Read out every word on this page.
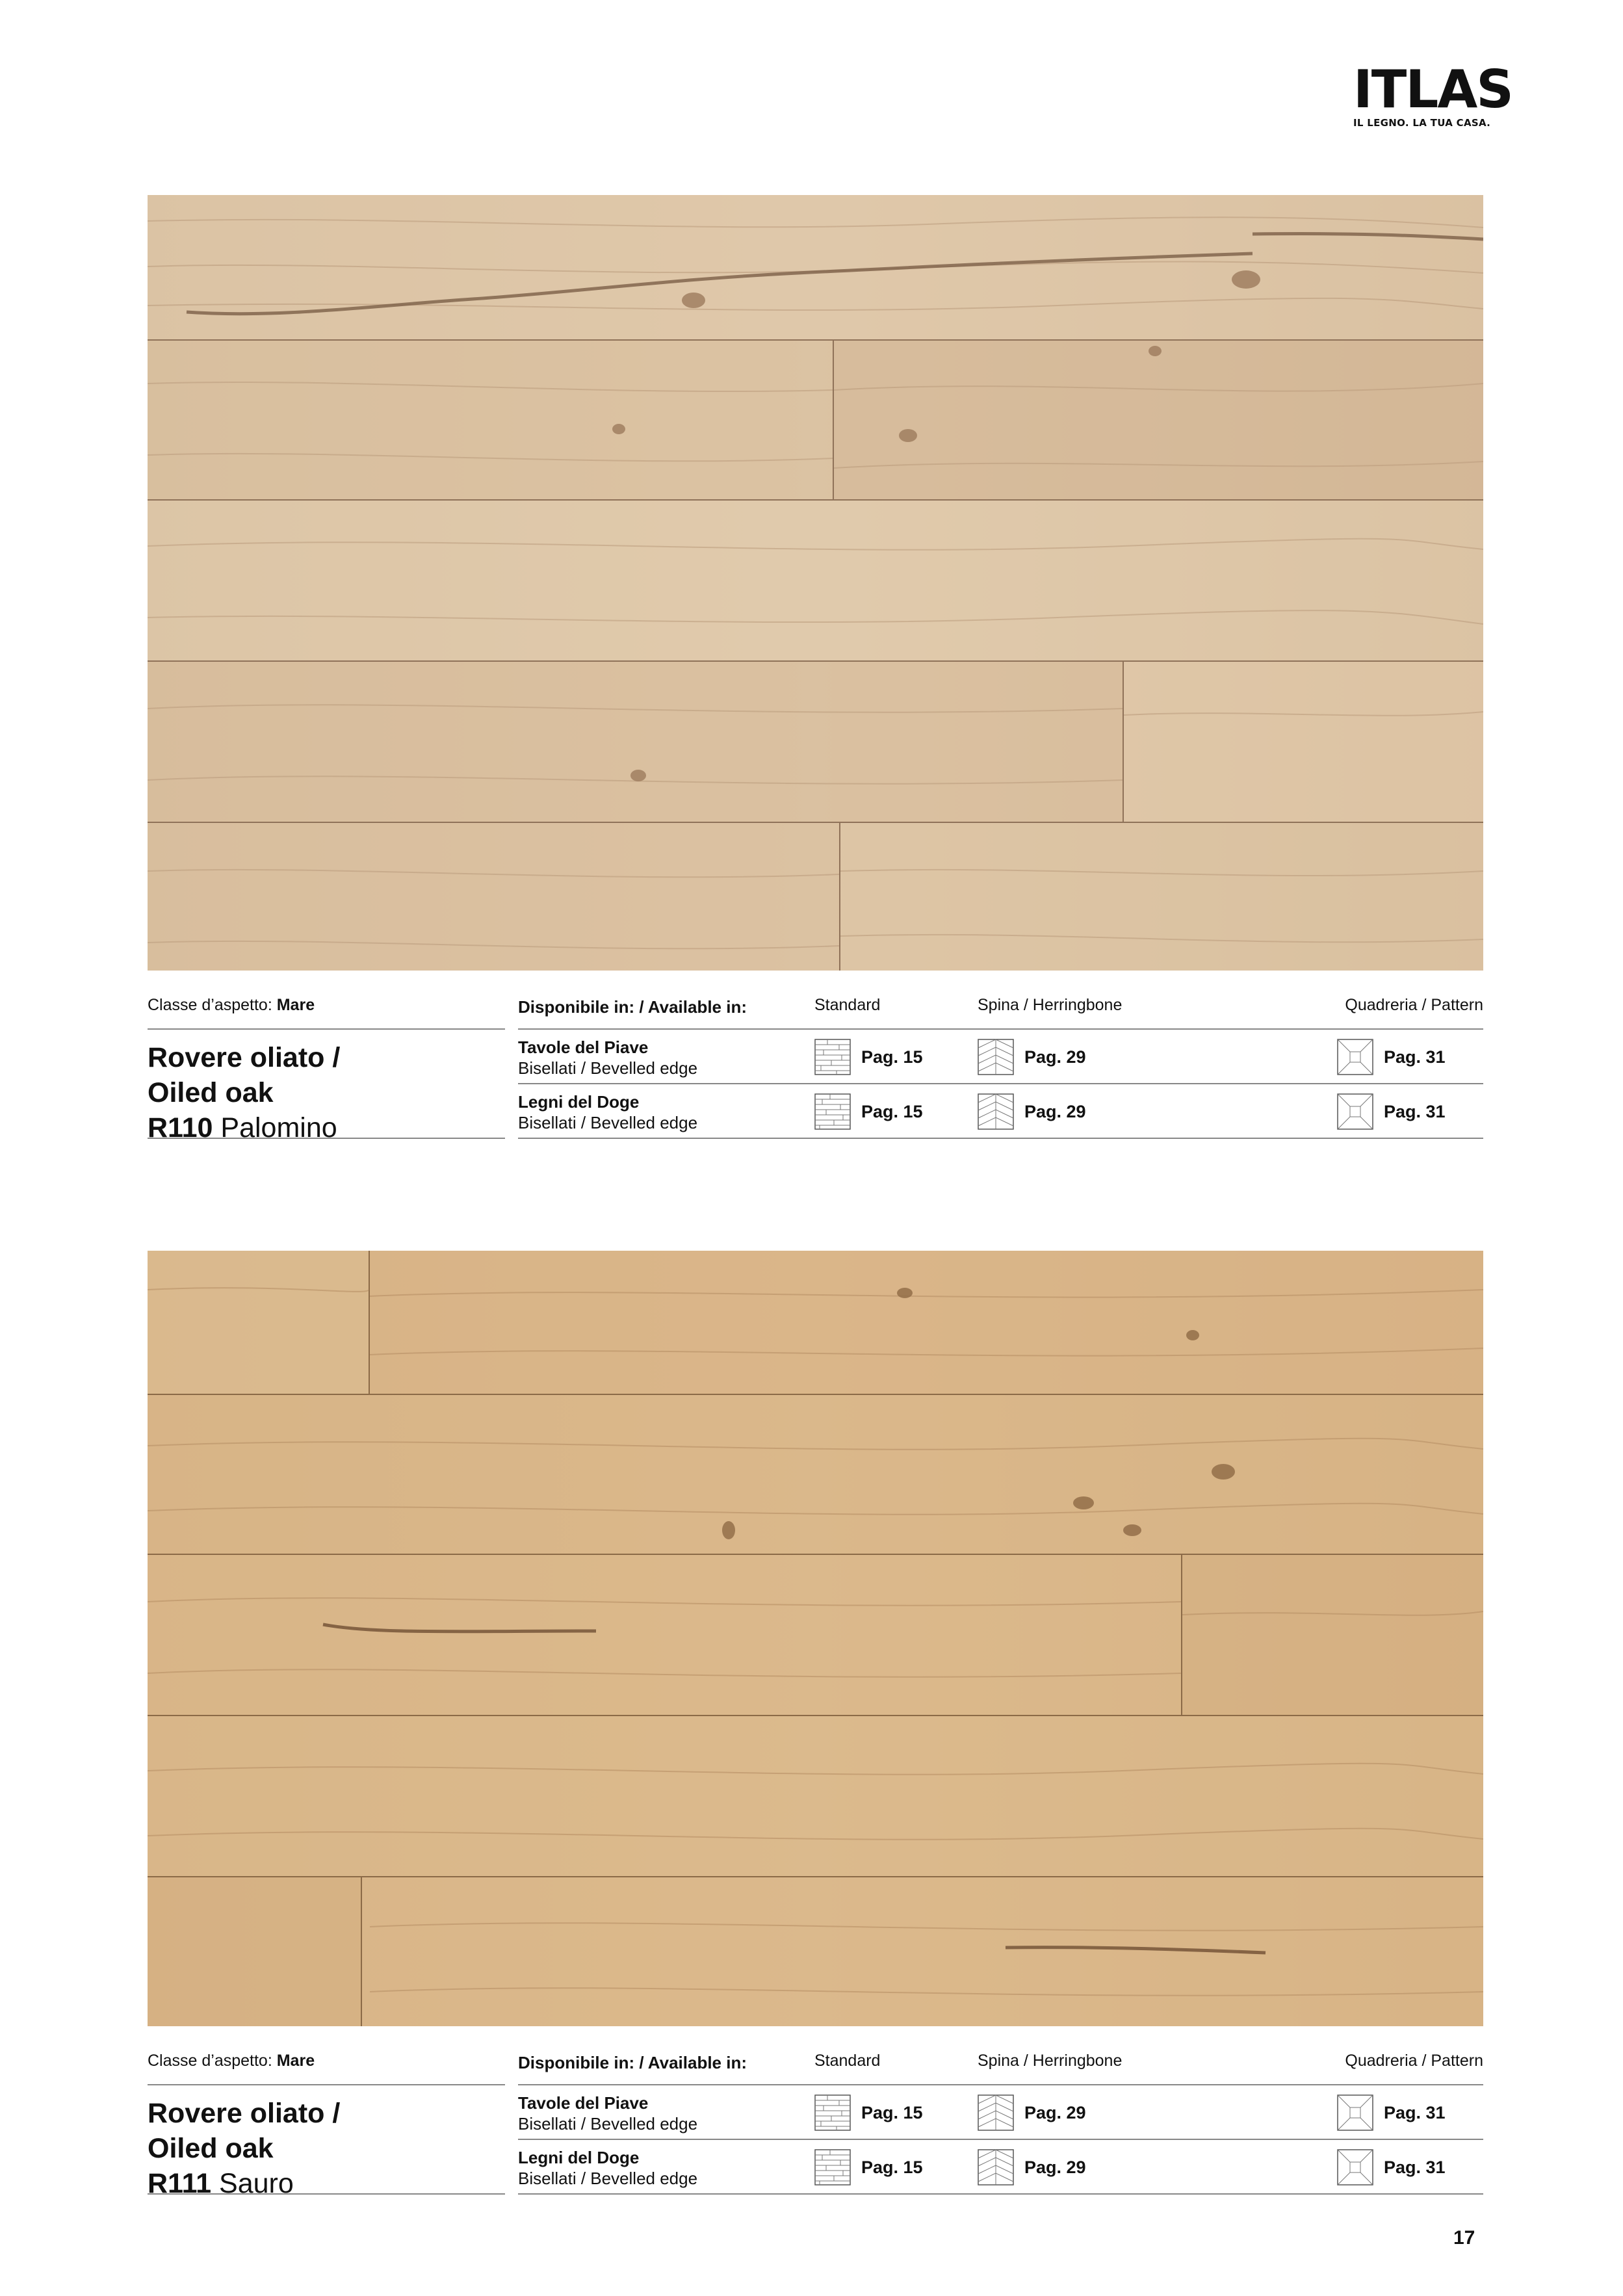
ITLAS
IL LEGNO. LA TUA CASA.
Classe d’aspetto: Mare
Rovere oliato /
Oiled oak
R110 Palomino
Disponibile in: / Available in:	Standard	Spina / Herringbone	Quadreria / Pattern
Tavole del Piave
Bisellati / Bevelled edge
Pag. 15	Pag. 29	Pag. 31
Legni del Doge
Bisellati / Bevelled edge
Pag. 15	Pag. 29	Pag. 31
Classe d’aspetto: Mare
Rovere oliato /
Oiled oak
R111 Sauro
Disponibile in: / Available in:	Standard	Spina / Herringbone	Quadreria / Pattern
Tavole del Piave
Bisellati / Bevelled edge
Pag. 15	Pag. 29	Pag. 31
Legni del Doge
Bisellati / Bevelled edge
Pag. 15	Pag. 29	Pag. 31
17
